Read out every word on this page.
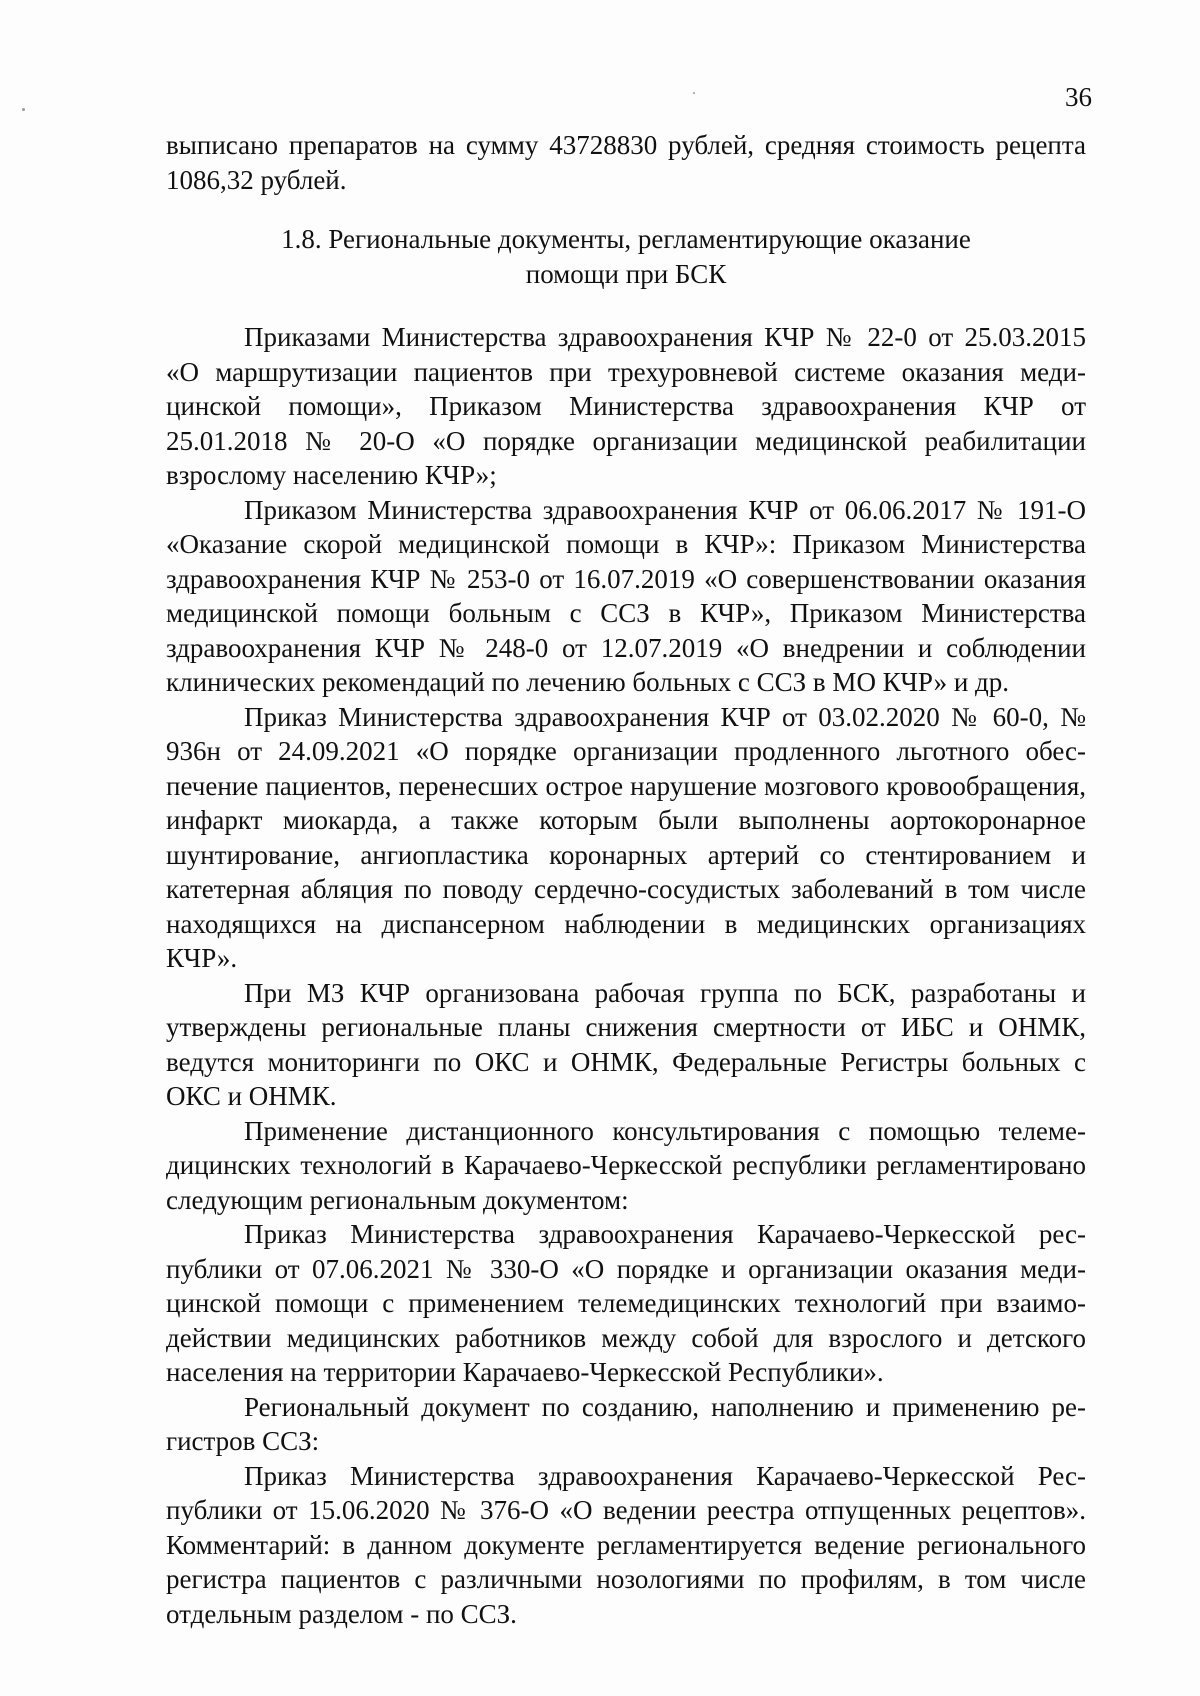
36

выписано препаратов на сумму 43728830 рублей, средняя стоимость рецепта 1086,32 рублей.

1.8. Региональные документы, регламентирующие оказание
помощи при БСК

Приказами Министерства здравоохранения КЧР № 22-0 от 25.03.2015 «О маршрутизации пациентов при трехуровневой системе оказания медицинской помощи», Приказом Министерства здравоохранения КЧР от 25.01.2018 № 20-О «О порядке организации медицинской реабилитации взрослому населению КЧР»;

Приказом Министерства здравоохранения КЧР от 06.06.2017 № 191-О «Оказание скорой медицинской помощи в КЧР»: Приказом Министерства здравоохранения КЧР № 253-0 от 16.07.2019 «О совершенствовании оказания медицинской помощи больным с ССЗ в КЧР», Приказом Министерства здравоохранения КЧР № 248-0 от 12.07.2019 «О внедрении и соблюдении клинических рекомендаций по лечению больных с ССЗ в МО КЧР» и др.

Приказ Министерства здравоохранения КЧР от 03.02.2020 № 60-0, № 936н от 24.09.2021 «О порядке организации продленного льготного обеспечение пациентов, перенесших острое нарушение мозгового кровообращения, инфаркт миокарда, а также которым были выполнены аортокоронарное шунтирование, ангиопластика коронарных артерий со стентированием и катетерная абляция по поводу сердечно-сосудистых заболеваний в том числе находящихся на диспансерном наблюдении в медицинских организациях КЧР».

При МЗ КЧР организована рабочая группа по БСК, разработаны и утверждены региональные планы снижения смертности от ИБС и ОНМК, ведутся мониторинги по ОКС и ОНМК, Федеральные Регистры больных с ОКС и ОНМК.

Применение дистанционного консультирования с помощью телемедицинских технологий в Карачаево-Черкесской республики регламентировано следующим региональным документом:

Приказ Министерства здравоохранения Карачаево-Черкесской республики от 07.06.2021 № 330-О «О порядке и организации оказания медицинской помощи с применением телемедицинских технологий при взаимодействии медицинских работников между собой для взрослого и детского населения на территории Карачаево-Черкесской Республики».

Региональный документ по созданию, наполнению и применению регистров ССЗ:

Приказ Министерства здравоохранения Карачаево-Черкесской Республики от 15.06.2020 № 376-О «О ведении реестра отпущенных рецептов». Комментарий: в данном документе регламентируется ведение регионального регистра пациентов с различными нозологиями по профилям, в том числе отдельным разделом - по ССЗ.
